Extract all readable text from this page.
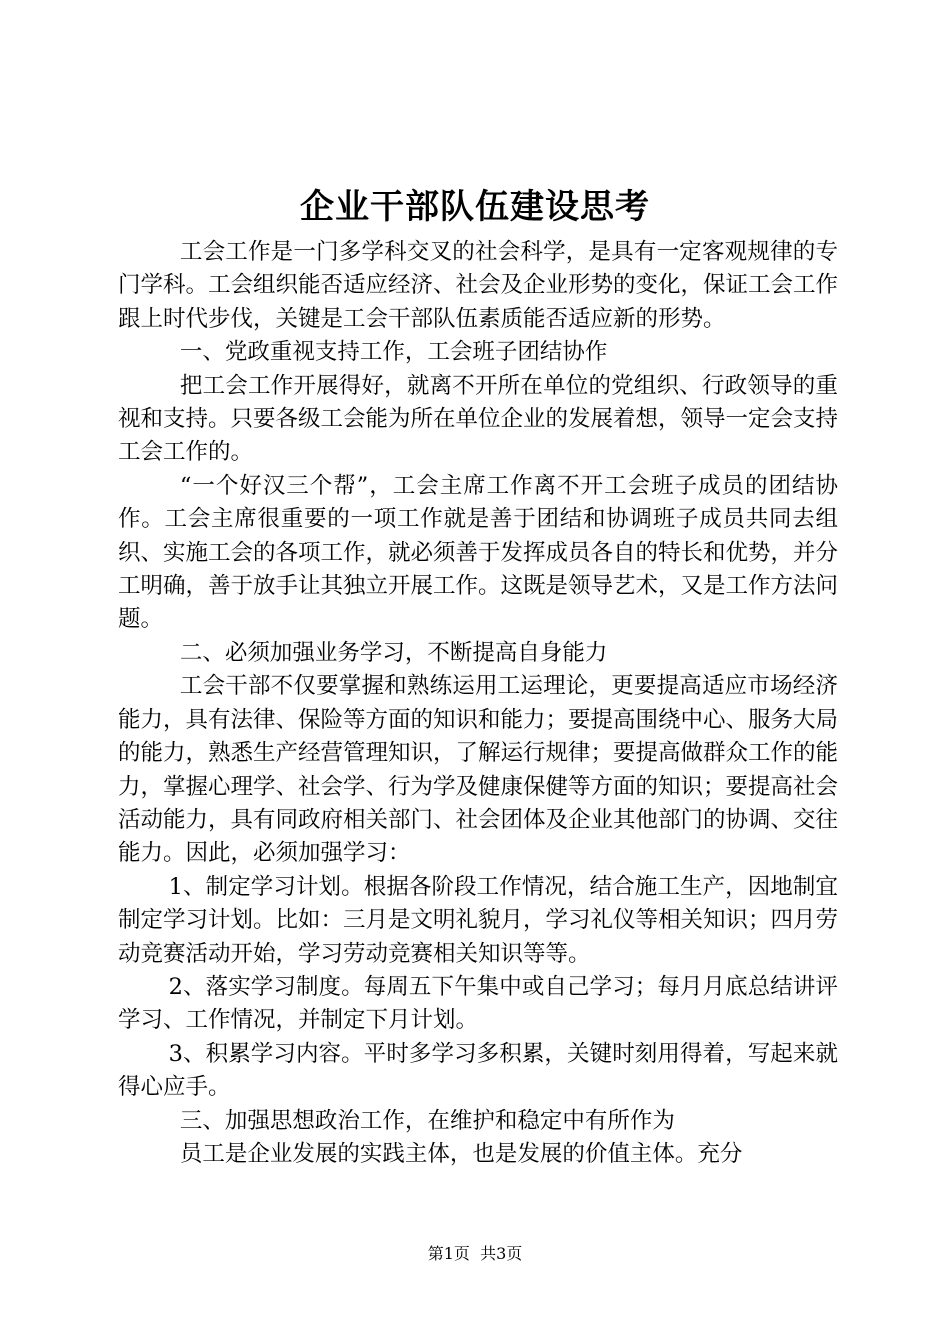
企业干部队伍建设思考

工会工作是一门多学科交叉的社会科学，是具有一定客观规律的专门学科。工会组织能否适应经济、社会及企业形势的变化，保证工会工作跟上时代步伐，关键是工会干部队伍素质能否适应新的形势。

一、党政重视支持工作，工会班子团结协作

把工会工作开展得好，就离不开所在单位的党组织、行政领导的重视和支持。只要各级工会能为所在单位企业的发展着想，领导一定会支持工会工作的。

“一个好汉三个帮”，工会主席工作离不开工会班子成员的团结协作。工会主席很重要的一项工作就是善于团结和协调班子成员共同去组织、实施工会的各项工作，就必须善于发挥成员各自的特长和优势，并分工明确，善于放手让其独立开展工作。这既是领导艺术，又是工作方法问题。

二、必须加强业务学习，不断提高自身能力

工会干部不仅要掌握和熟练运用工运理论，更要提高适应市场经济能力，具有法律、保险等方面的知识和能力；要提高围绕中心、服务大局的能力，熟悉生产经营管理知识，了解运行规律；要提高做群众工作的能力，掌握心理学、社会学、行为学及健康保健等方面的知识；要提高社会活动能力，具有同政府相关部门、社会团体及企业其他部门的协调、交往能力。因此，必须加强学习：

1、制定学习计划。根据各阶段工作情况，结合施工生产，因地制宜制定学习计划。比如：三月是文明礼貌月，学习礼仪等相关知识；四月劳动竞赛活动开始，学习劳动竞赛相关知识等等。

2、落实学习制度。每周五下午集中或自己学习；每月月底总结讲评学习、工作情况，并制定下月计划。

3、积累学习内容。平时多学习多积累，关键时刻用得着，写起来就得心应手。

三、加强思想政治工作，在维护和稳定中有所作为

员工是企业发展的实践主体，也是发展的价值主体。充分

第1页 共3页
